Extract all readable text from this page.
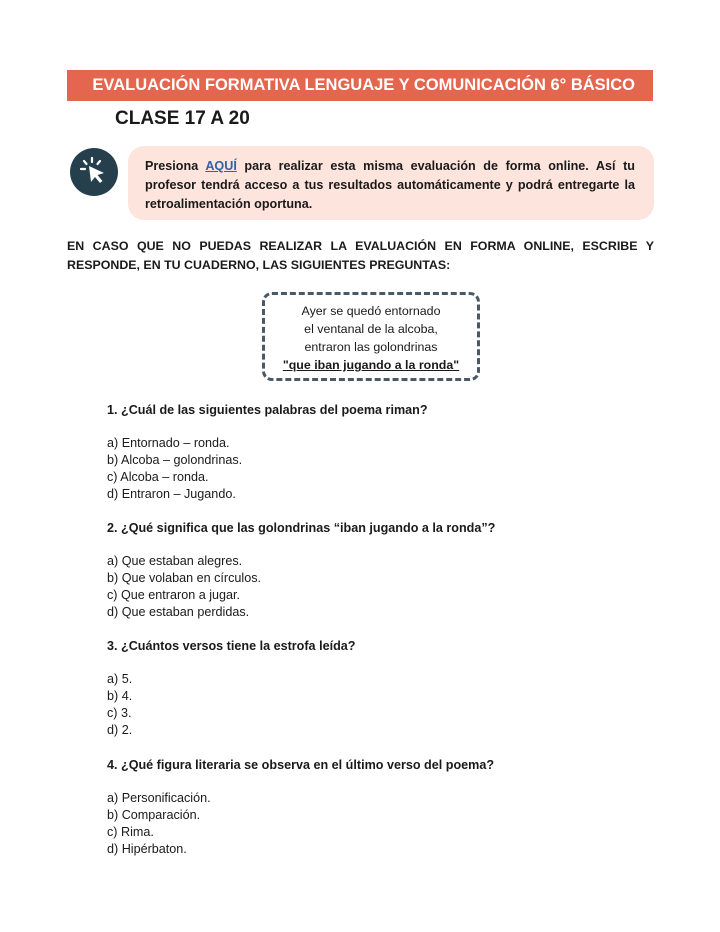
EVALUACIÓN FORMATIVA LENGUAJE Y COMUNICACIÓN 6° BÁSICO
CLASE 17 A 20
Presiona AQUÍ para realizar esta misma evaluación de forma online. Así tu profesor tendrá acceso a tus resultados automáticamente y podrá entregarte la retroalimentación oportuna.
EN CASO QUE NO PUEDAS REALIZAR LA EVALUACIÓN EN FORMA ONLINE, ESCRIBE Y RESPONDE, EN TU CUADERNO, LAS SIGUIENTES PREGUNTAS:
Ayer se quedó entornado
el ventanal de la alcoba,
entraron las golondrinas
"que iban jugando a la ronda"
1. ¿Cuál de las siguientes palabras del poema riman?
a) Entornado – ronda.
b) Alcoba – golondrinas.
c) Alcoba – ronda.
d) Entraron – Jugando.
2. ¿Qué significa que las golondrinas “iban jugando a la ronda”?
a) Que estaban alegres.
b) Que volaban en círculos.
c) Que entraron a jugar.
d) Que estaban perdidas.
3. ¿Cuántos versos tiene la estrofa leída?
a) 5.
b) 4.
c) 3.
d) 2.
4. ¿Qué figura literaria se observa en el último verso del poema?
a) Personificación.
b) Comparación.
c) Rima.
d) Hipérbaton.
